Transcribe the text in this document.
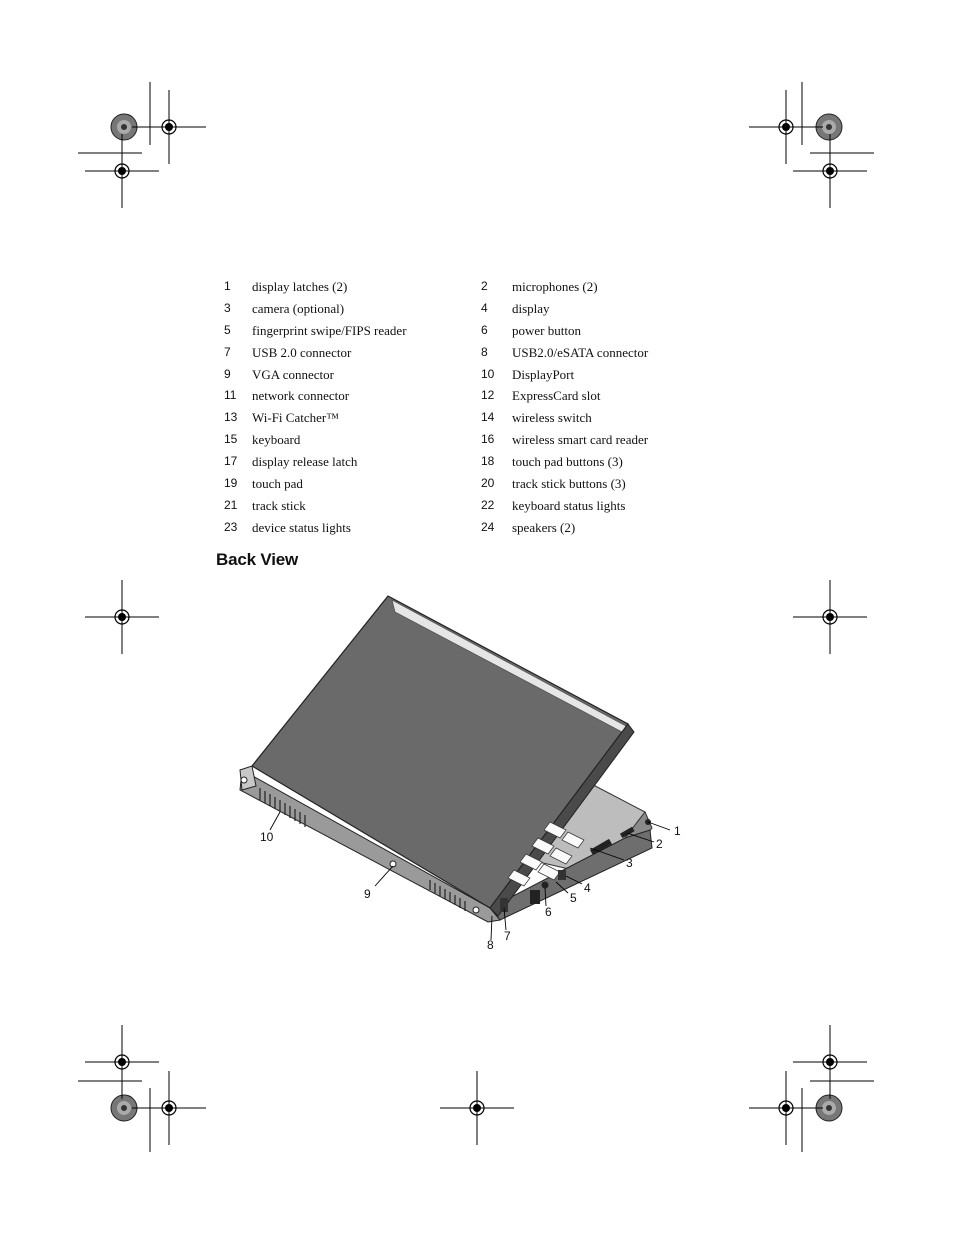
1	display latches (2)	2	microphones (2)
3	camera (optional)	4	display
5	fingerprint swipe/FIPS reader	6	power button
7	USB 2.0 connector	8	USB2.0/eSATA connector
9	VGA connector	10	DisplayPort
11	network connector	12	ExpressCard slot
13	Wi-Fi Catcher™	14	wireless switch
15	keyboard	16	wireless smart card reader
17	display release latch	18	touch pad buttons (3)
19	touch pad	20	track stick buttons (3)
21	track stick	22	keyboard status lights
23	device status lights	24	speakers (2)
Back View
1
2
3
4
5
6
7
8
9
10
